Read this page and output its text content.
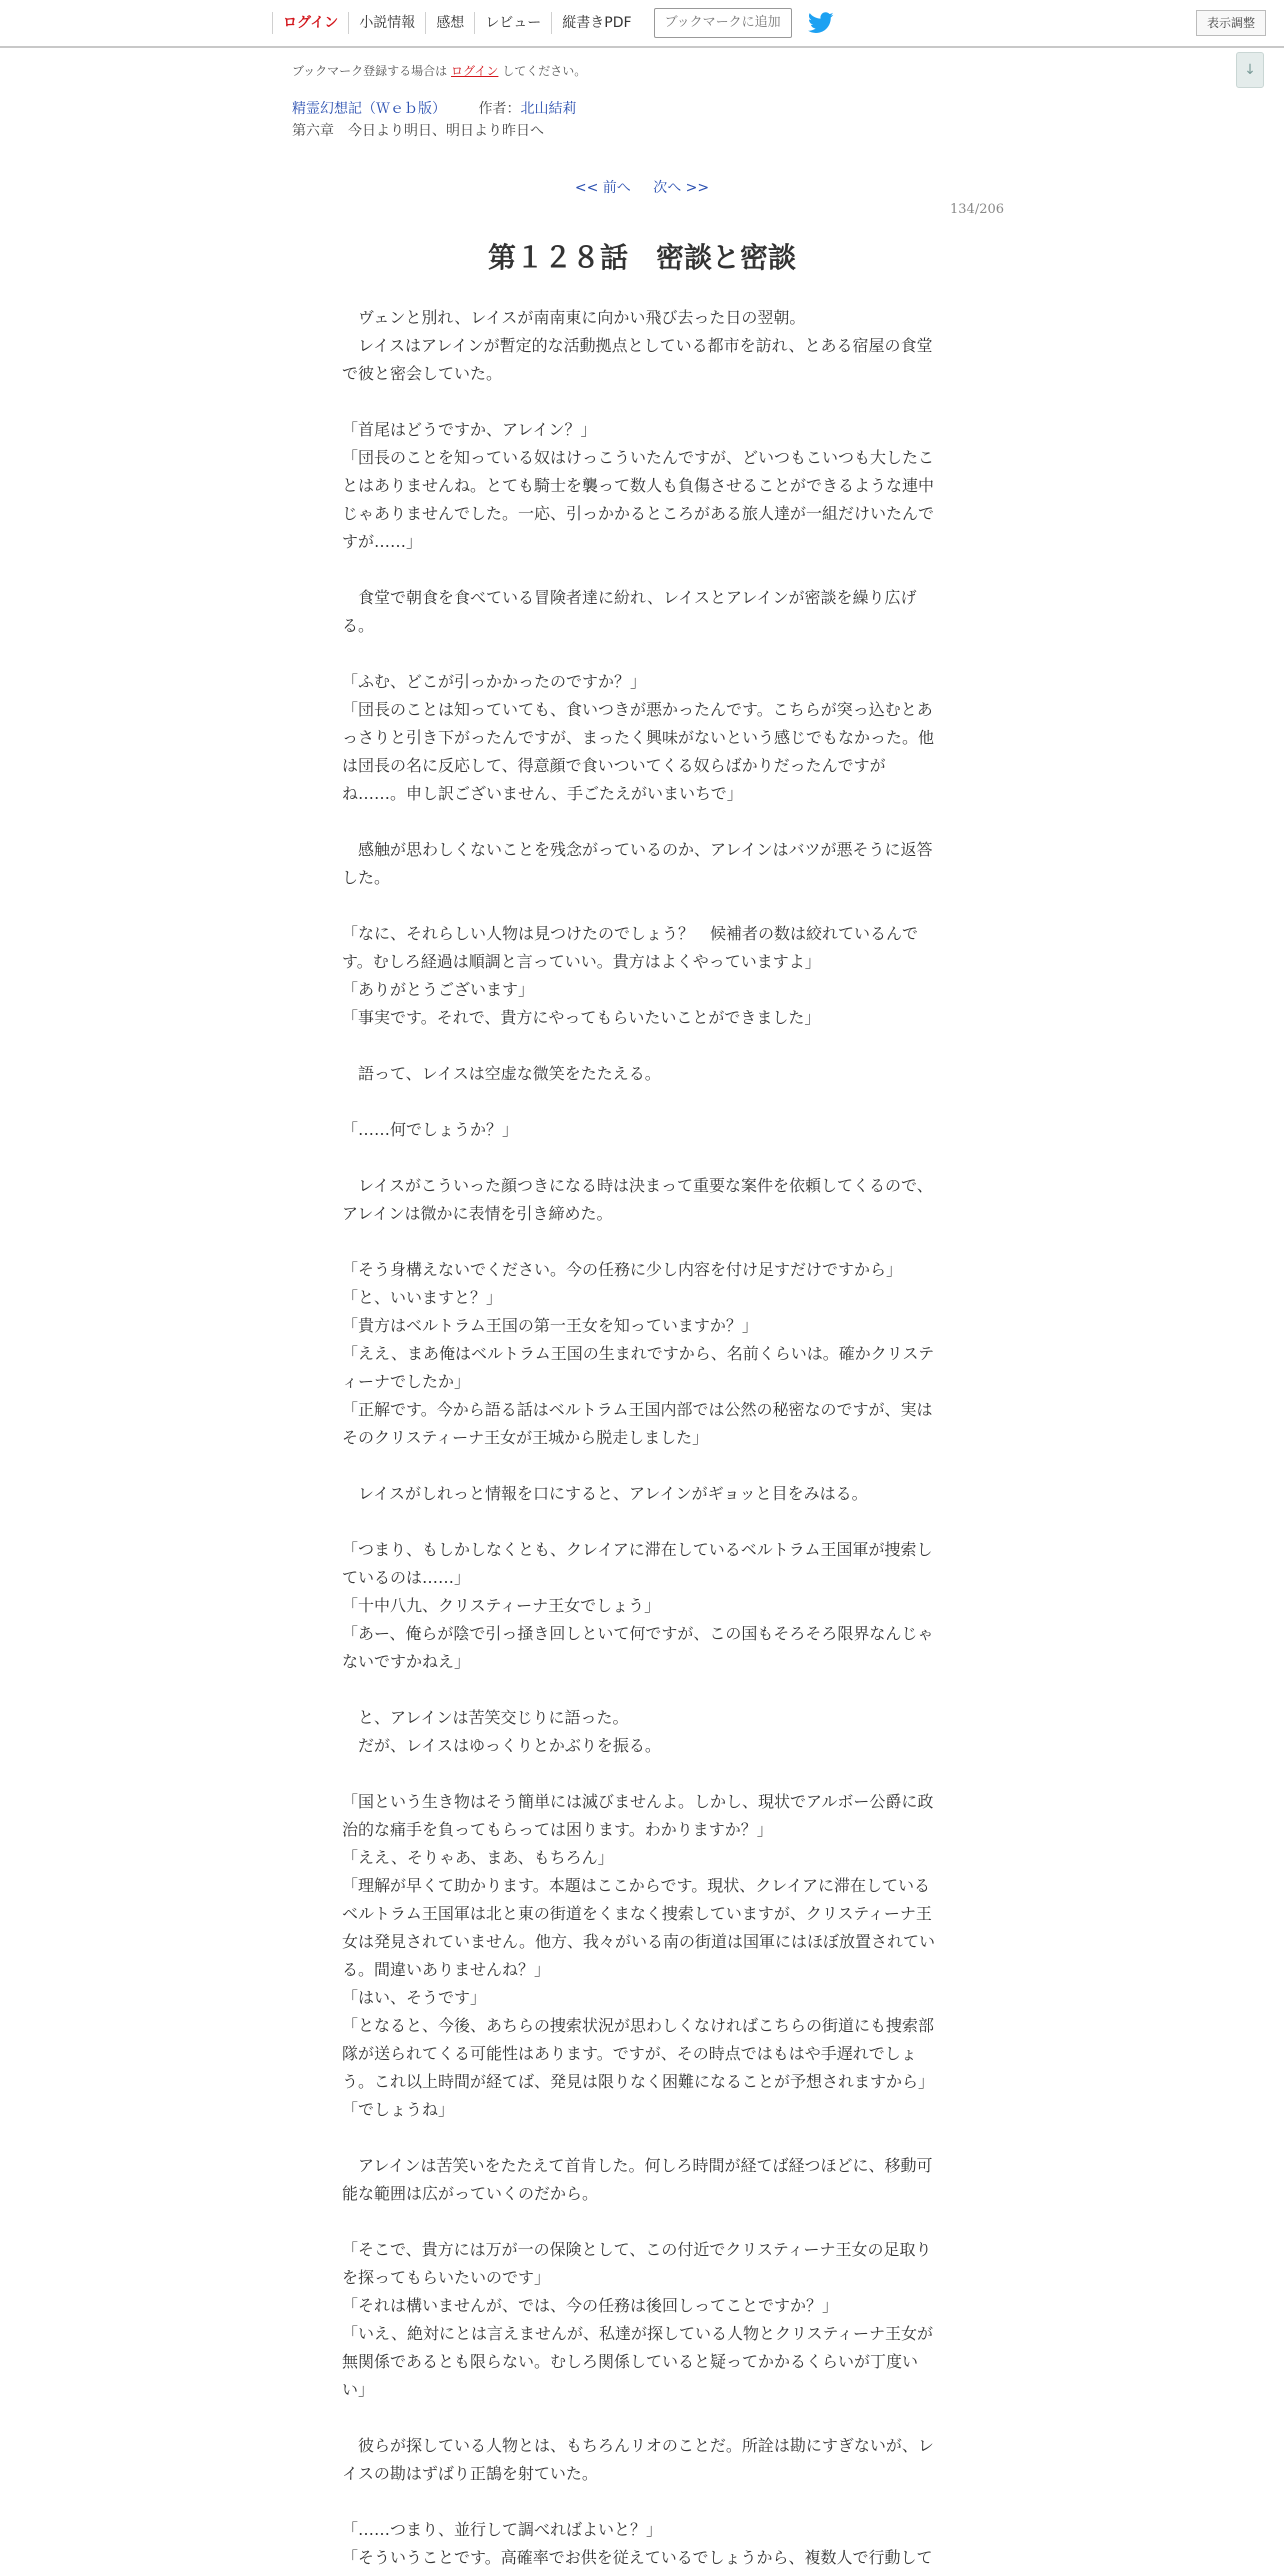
ログイン	小説情報	感想	レビュー	縦書きPDF	ブックマークに追加	表示調整
↓
ブックマーク登録する場合は ログイン してください。
精霊幻想記（Ｗｅｂ版） 作者：北山結莉
第六章　今日より明日、明日より昨日へ
<< 前へ 次へ >>
134/206
第１２８話　密談と密談

　ヴェンと別れ、レイスが南南東に向かい飛び去った日の翌朝。

　レイスはアレインが暫定的な活動拠点としている都市を訪れ、とある宿屋の食堂で彼と密会していた。

「首尾はどうですか、アレイン？」

「団長のことを知っている奴はけっこういたんですが、どいつもこいつも大したことはありませんね。とても騎士を襲って数人も負傷させることができるような連中じゃありませんでした。一応、引っかかるところがある旅人達が一組だけいたんですが……」

　食堂で朝食を食べている冒険者達に紛れ、レイスとアレインが密談を繰り広げる。

「ふむ、どこが引っかかったのですか？」

「団長のことは知っていても、食いつきが悪かったんです。こちらが突っ込むとあっさりと引き下がったんですが、まったく興味がないという感じでもなかった。他は団長の名に反応して、得意顔で食いついてくる奴らばかりだったんですがね……。申し訳ございません、手ごたえがいまいちで」

　感触が思わしくないことを残念がっているのか、アレインはバツが悪そうに返答した。

「なに、それらしい人物は見つけたのでしょう？　候補者の数は絞れているんです。むしろ経過は順調と言っていい。貴方はよくやっていますよ」

「ありがとうございます」

「事実です。それで、貴方にやってもらいたいことができました」

　語って、レイスは空虚な微笑をたたえる。

「……何でしょうか？」

　レイスがこういった顔つきになる時は決まって重要な案件を依頼してくるので、アレインは微かに表情を引き締めた。

「そう身構えないでください。今の任務に少し内容を付け足すだけですから」

「と、いいますと？」

「貴方はベルトラム王国の第一王女を知っていますか？」

「ええ、まあ俺はベルトラム王国の生まれですから、名前くらいは。確かクリスティーナでしたか」

「正解です。今から語る話はベルトラム王国内部では公然の秘密なのですが、実はそのクリスティーナ王女が王城から脱走しました」

　レイスがしれっと情報を口にすると、アレインがギョッと目をみはる。

「つまり、もしかしなくとも、クレイアに滞在しているベルトラム王国軍が捜索しているのは……」

「十中八九、クリスティーナ王女でしょう」

「あー、俺らが陰で引っ掻き回しといて何ですが、この国もそろそろ限界なんじゃないですかねえ」

　と、アレインは苦笑交じりに語った。

　だが、レイスはゆっくりとかぶりを振る。

「国という生き物はそう簡単には滅びませんよ。しかし、現状でアルボー公爵に政治的な痛手を負ってもらっては困ります。わかりますか？」

「ええ、そりゃあ、まあ、もちろん」

「理解が早くて助かります。本題はここからです。現状、クレイアに滞在しているベルトラム王国軍は北と東の街道をくまなく捜索していますが、クリスティーナ王女は発見されていません。他方、我々がいる南の街道は国軍にはほぼ放置されている。間違いありませんね？」

「はい、そうです」

「となると、今後、あちらの捜索状況が思わしくなければこちらの街道にも捜索部隊が送られてくる可能性はあります。ですが、その時点ではもはや手遅れでしょう。これ以上時間が経てば、発見は限りなく困難になることが予想されますから」

「でしょうね」

　アレインは苦笑いをたたえて首肯した。何しろ時間が経てば経つほどに、移動可能な範囲は広がっていくのだから。

「そこで、貴方には万が一の保険として、この付近でクリスティーナ王女の足取りを探ってもらいたいのです」

「それは構いませんが、では、今の任務は後回しってことですか？」

「いえ、絶対にとは言えませんが、私達が探している人物とクリスティーナ王女が無関係であるとも限らない。むしろ関係していると疑ってかかるくらいが丁度いい」

　彼らが探している人物とは、もちろんリオのことだ。所詮は勘にすぎないが、レイスの勘はずばり正鵠を射ていた。

「……つまり、並行して調べればよいと？」

「そういうことです。高確率でお供を従えているでしょうから、複数人で行動して
